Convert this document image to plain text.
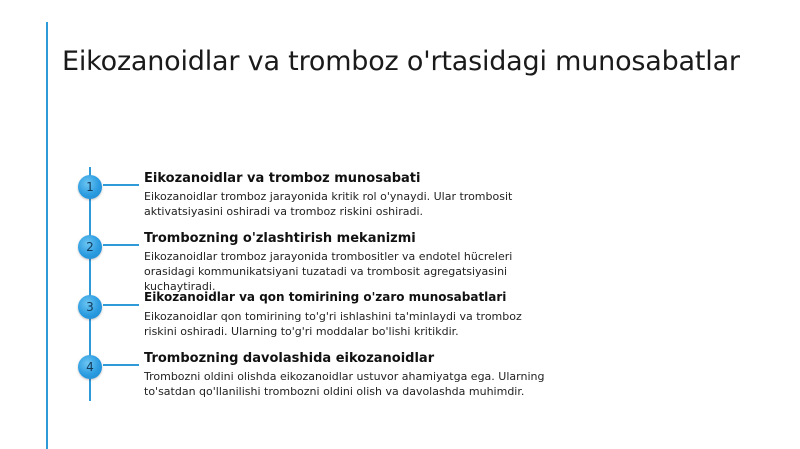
Eikozanoidlar va tromboz o'rtasidagi munosabatlar
1
Eikozanoidlar va tromboz munosabati
Eikozanoidlar tromboz jarayonida kritik rol o'ynaydi. Ular trombosit aktivatsiyasini oshiradi va tromboz riskini oshiradi.
2
Trombozning o'zlashtirish mekanizmi
Eikozanoidlar tromboz jarayonida trombositler va endotel hücreleri orasidagi kommunikatsiyani tuzatadi va trombosit agregatsiyasini kuchaytiradi.
3
Eikozanoidlar va qon tomirining o'zaro munosabatlari
Eikozanoidlar qon tomirining to'g'ri ishlashini ta'minlaydi va tromboz riskini oshiradi. Ularning to'g'ri moddalar bo'lishi kritikdir.
4
Trombozning davolashida eikozanoidlar
Trombozni oldini olishda eikozanoidlar ustuvor ahamiyatga ega. Ularning to'satdan qo'llanilishi trombozni oldini olish va davolashda muhimdir.
